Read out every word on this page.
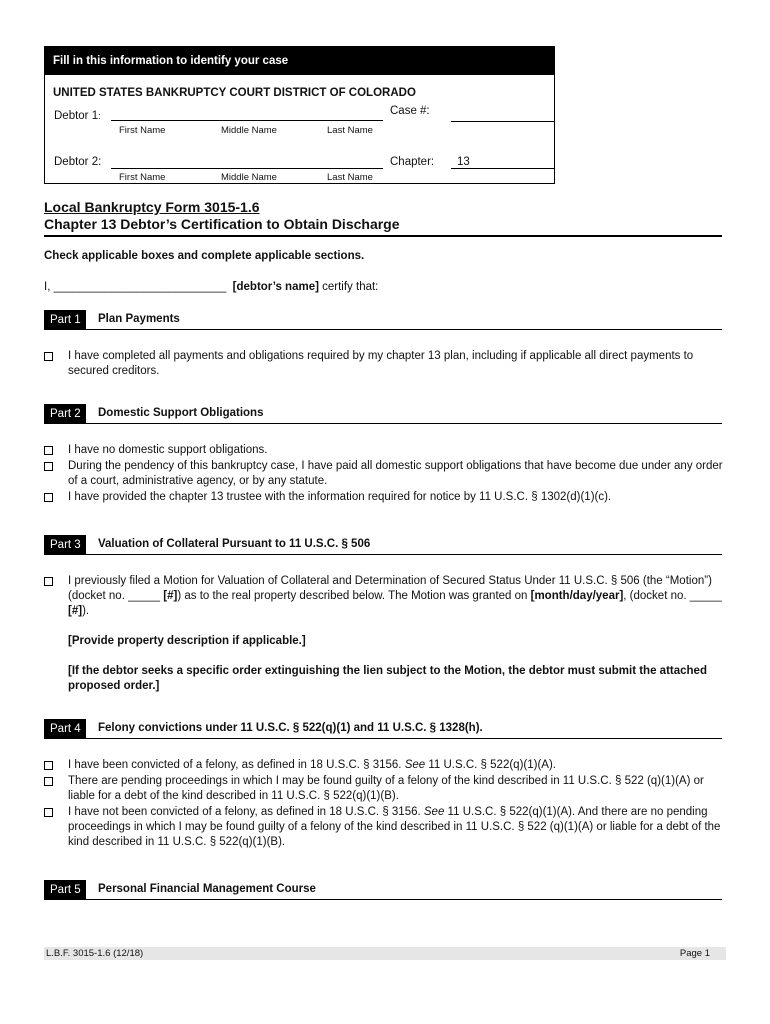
Fill in this information to identify your case
UNITED STATES BANKRUPTCY COURT DISTRICT OF COLORADO
Debtor 1:
First Name	Middle Name	Last Name
Case #:
Debtor 2:
First Name	Middle Name	Last Name
Chapter: 13
Local Bankruptcy Form 3015-1.6
Chapter 13 Debtor’s Certification to Obtain Discharge
Check applicable boxes and complete applicable sections.
I, ___________________________ [debtor’s name] certify that:
Part 1	Plan Payments
I have completed all payments and obligations required by my chapter 13 plan, including if applicable all direct payments to secured creditors.
Part 2	Domestic Support Obligations
I have no domestic support obligations.
During the pendency of this bankruptcy case, I have paid all domestic support obligations that have become due under any order of a court, administrative agency, or by any statute.
I have provided the chapter 13 trustee with the information required for notice by 11 U.S.C. § 1302(d)(1)(c).
Part 3	Valuation of Collateral Pursuant to 11 U.S.C. § 506
I previously filed a Motion for Valuation of Collateral and Determination of Secured Status Under 11 U.S.C. § 506 (the “Motion”) (docket no. _____ [#]) as to the real property described below. The Motion was granted on [month/day/year], (docket no. _____ [#]).
[Provide property description if applicable.]
[If the debtor seeks a specific order extinguishing the lien subject to the Motion, the debtor must submit the attached proposed order.]
Part 4	Felony convictions under 11 U.S.C. § 522(q)(1) and 11 U.S.C. § 1328(h).
I have been convicted of a felony, as defined in 18 U.S.C. § 3156. See 11 U.S.C. § 522(q)(1)(A).
There are pending proceedings in which I may be found guilty of a felony of the kind described in 11 U.S.C. § 522 (q)(1)(A) or liable for a debt of the kind described in 11 U.S.C. § 522(q)(1)(B).
I have not been convicted of a felony, as defined in 18 U.S.C. § 3156. See 11 U.S.C. § 522(q)(1)(A). And there are no pending proceedings in which I may be found guilty of a felony of the kind described in 11 U.S.C. § 522 (q)(1)(A) or liable for a debt of the kind described in 11 U.S.C. § 522(q)(1)(B).
Part 5	Personal Financial Management Course
L.B.F. 3015-1.6 (12/18)	Page 1
